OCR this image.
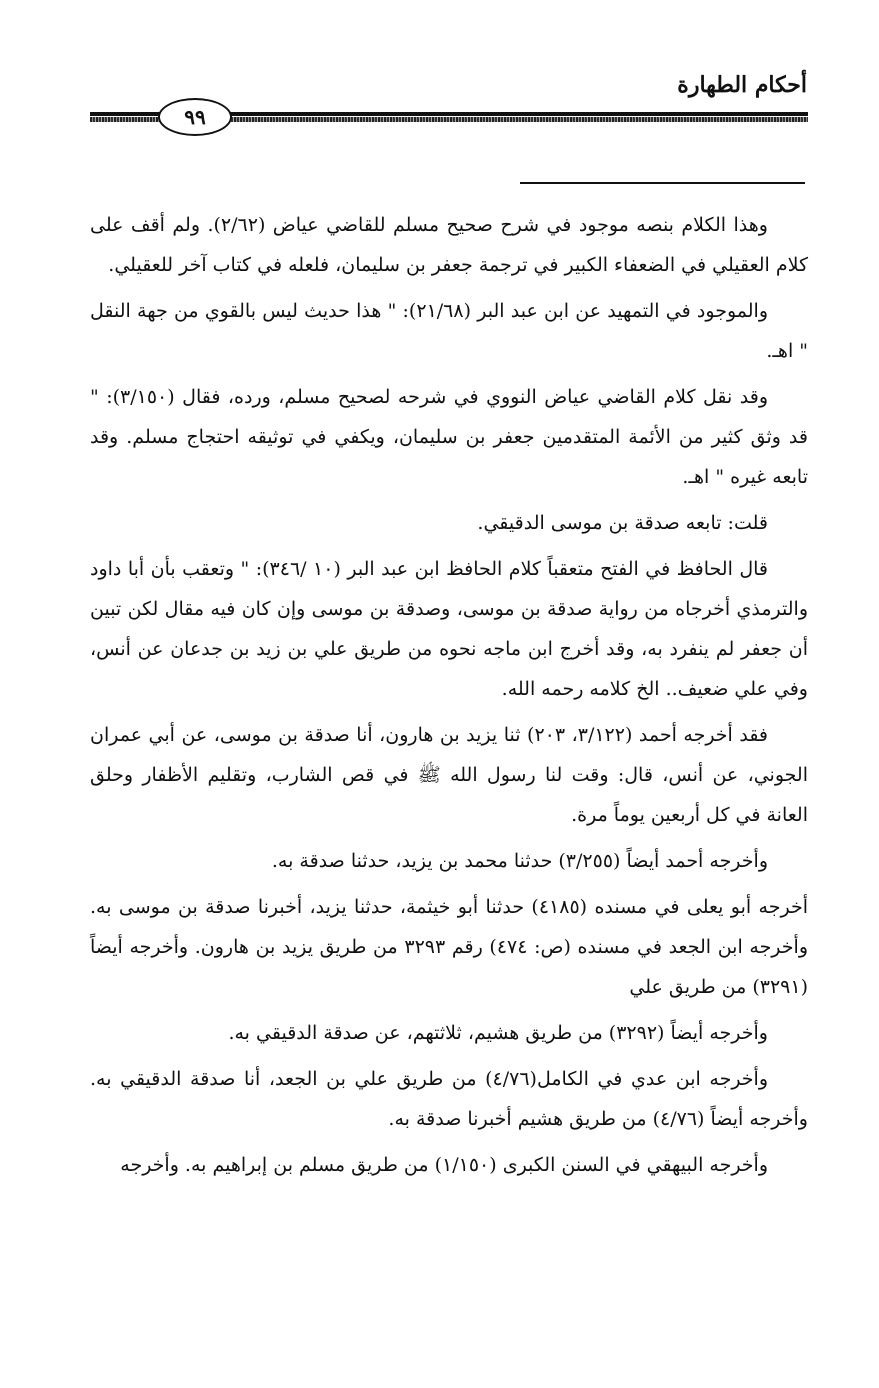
أحكام الطهارة
٩٩

وهذا الكلام بنصه موجود في شرح صحيح مسلم للقاضي عياض (٢/٦٢). ولم أقف على كلام العقيلي في الضعفاء الكبير في ترجمة جعفر بن سليمان، فلعله في كتاب آخر للعقيلي.

والموجود في التمهيد عن ابن عبد البر (٢١/٦٨): " هذا حديث ليس بالقوي من جهة النقل " اهـ.

وقد نقل كلام القاضي عياض النووي في شرحه لصحيح مسلم، ورده، فقال (٣/١٥٠): " قد وثق كثير من الأئمة المتقدمين جعفر بن سليمان، ويكفي في توثيقه احتجاج مسلم. وقد تابعه غيره " اهـ.

قلت: تابعه صدقة بن موسى الدقيقي.

قال الحافظ في الفتح متعقباً كلام الحافظ ابن عبد البر (١٠ /٣٤٦): " وتعقب بأن أبا داود والترمذي أخرجاه من رواية صدقة بن موسى، وصدقة بن موسى وإن كان فيه مقال لكن تبين أن جعفر لم ينفرد به، وقد أخرج ابن ماجه نحوه من طريق علي بن زيد بن جدعان عن أنس، وفي علي ضعيف.. الخ كلامه رحمه الله.

فقد أخرجه أحمد (٣/١٢٢، ٢٠٣) ثنا يزيد بن هارون، أنا صدقة بن موسى، عن أبي عمران الجوني، عن أنس، قال: وقت لنا رسول الله ﷺ في قص الشارب، وتقليم الأظفار وحلق العانة في كل أربعين يوماً مرة.

وأخرجه أحمد أيضاً (٣/٢٥٥) حدثنا محمد بن يزيد، حدثنا صدقة به.

أخرجه أبو يعلى في مسنده (٤١٨٥) حدثنا أبو خيثمة، حدثنا يزيد، أخبرنا صدقة بن موسى به. وأخرجه ابن الجعد في مسنده (ص: ٤٧٤) رقم ٣٢٩٣ من طريق يزيد بن هارون. وأخرجه أيضاً (٣٢٩١) من طريق علي

وأخرجه أيضاً (٣٢٩٢) من طريق هشيم، ثلاثتهم، عن صدقة الدقيقي به.

وأخرجه ابن عدي في الكامل(٤/٧٦) من طريق علي بن الجعد، أنا صدقة الدقيقي به. وأخرجه أيضاً (٤/٧٦) من طريق هشيم أخبرنا صدقة به.

وأخرجه البيهقي في السنن الكبرى (١/١٥٠) من طريق مسلم بن إبراهيم به. وأخرجه
